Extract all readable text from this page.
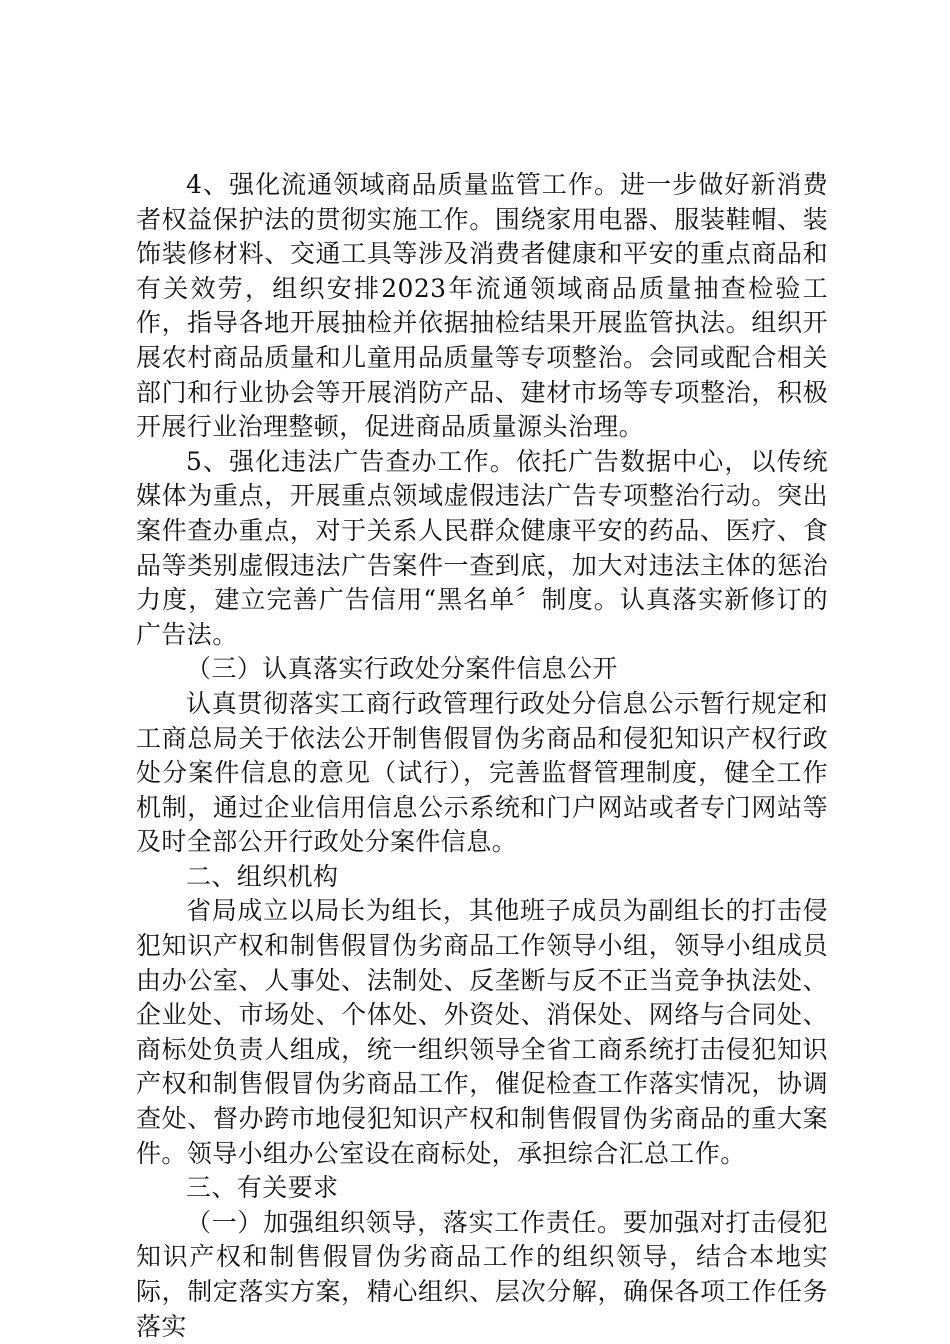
4、强化流通领域商品质量监管工作。进一步做好新消费者权益保护法的贯彻实施工作。围绕家用电器、服装鞋帽、装饰装修材料、交通工具等涉及消费者健康和平安的重点商品和有关效劳，组织安排2023年流通领域商品质量抽查检验工作，指导各地开展抽检并依据抽检结果开展监管执法。组织开展农村商品质量和儿童用品质量等专项整治。会同或配合相关部门和行业协会等开展消防产品、建材市场等专项整治，积极开展行业治理整顿，促进商品质量源头治理。

5、强化违法广告查办工作。依托广告数据中心，以传统媒体为重点，开展重点领域虚假违法广告专项整治行动。突出案件查办重点，对于关系人民群众健康平安的药品、医疗、食品等类别虚假违法广告案件一查到底，加大对违法主体的惩治力度，建立完善广告信用“黑名单〞制度。认真落实新修订的广告法。

（三）认真落实行政处分案件信息公开

认真贯彻落实工商行政管理行政处分信息公示暂行规定和工商总局关于依法公开制售假冒伪劣商品和侵犯知识产权行政处分案件信息的意见（试行），完善监督管理制度，健全工作机制，通过企业信用信息公示系统和门户网站或者专门网站等及时全部公开行政处分案件信息。

二、组织机构

省局成立以局长为组长，其他班子成员为副组长的打击侵犯知识产权和制售假冒伪劣商品工作领导小组，领导小组成员由办公室、人事处、法制处、反垄断与反不正当竞争执法处、企业处、市场处、个体处、外资处、消保处、网络与合同处、商标处负责人组成，统一组织领导全省工商系统打击侵犯知识产权和制售假冒伪劣商品工作，催促检查工作落实情况，协调查处、督办跨市地侵犯知识产权和制售假冒伪劣商品的重大案件。领导小组办公室设在商标处，承担综合汇总工作。

三、有关要求

（一）加强组织领导，落实工作责任。要加强对打击侵犯知识产权和制售假冒伪劣商品工作的组织领导，结合本地实际，制定落实方案，精心组织、层次分解，确保各项工作任务落实
